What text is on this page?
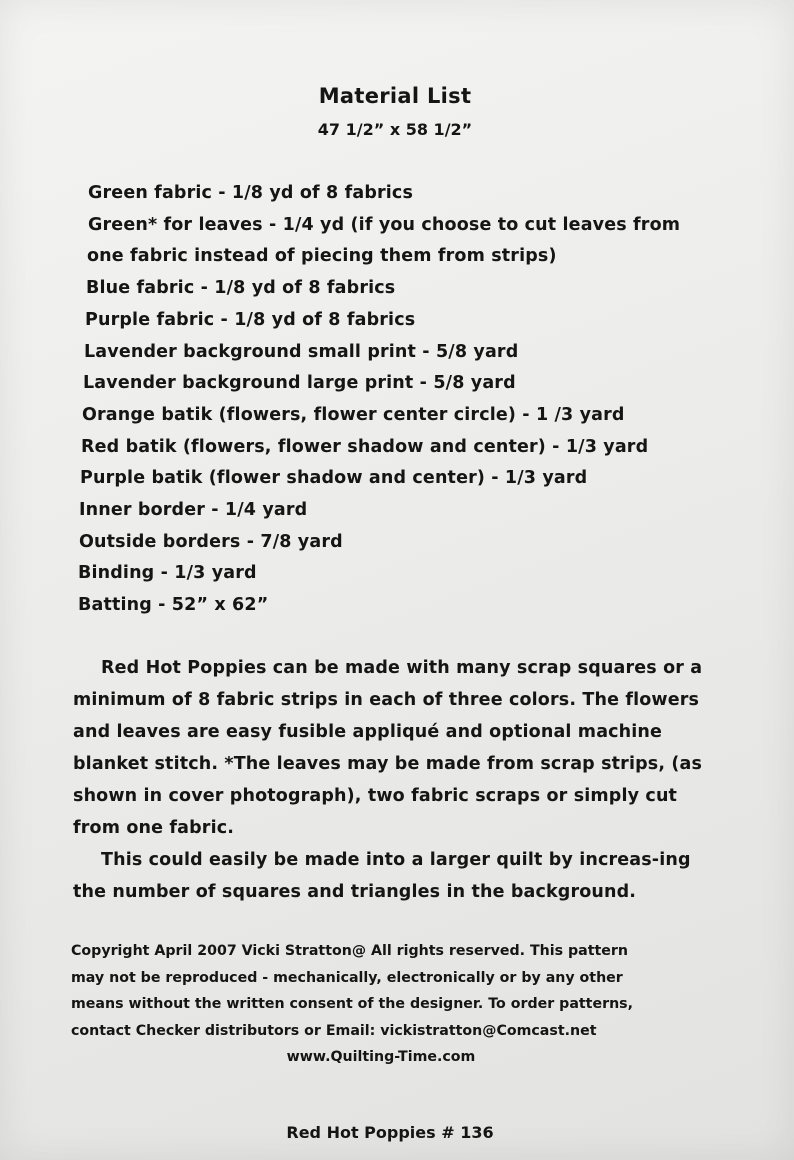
Material List
47 1/2” x 58 1/2”
Green fabric - 1/8 yd of 8 fabrics
Green* for leaves - 1/4 yd (if you choose to cut leaves from
one fabric instead of piecing them from strips)
Blue fabric - 1/8 yd of 8 fabrics
Purple fabric - 1/8 yd of 8 fabrics
Lavender background small print - 5/8 yard
Lavender background large print - 5/8 yard
Orange batik (flowers, flower center circle) - 1 /3 yard
Red batik (flowers, flower shadow and center) - 1/3 yard
Purple batik (flower shadow and center) - 1/3 yard
Inner border - 1/4 yard
Outside borders - 7/8 yard
Binding - 1/3 yard
Batting - 52” x 62”

Red Hot Poppies can be made with many scrap squares or a minimum of 8 fabric strips in each of three colors. The flowers and leaves are easy fusible appliqué and optional machine blanket stitch. *The leaves may be made from scrap strips, (as shown in cover photograph), two fabric scraps or simply cut from one fabric.

This could easily be made into a larger quilt by increas-ing the number of squares and triangles in the background.

Copyright April 2007 Vicki Stratton@ All rights reserved. This pattern
may not be reproduced - mechanically, electronically or by any other
means without the written consent of the designer. To order patterns,
contact Checker distributors or Email: vickistratton@Comcast.net
www.Quilting-Time.com
Red Hot Poppies # 136
